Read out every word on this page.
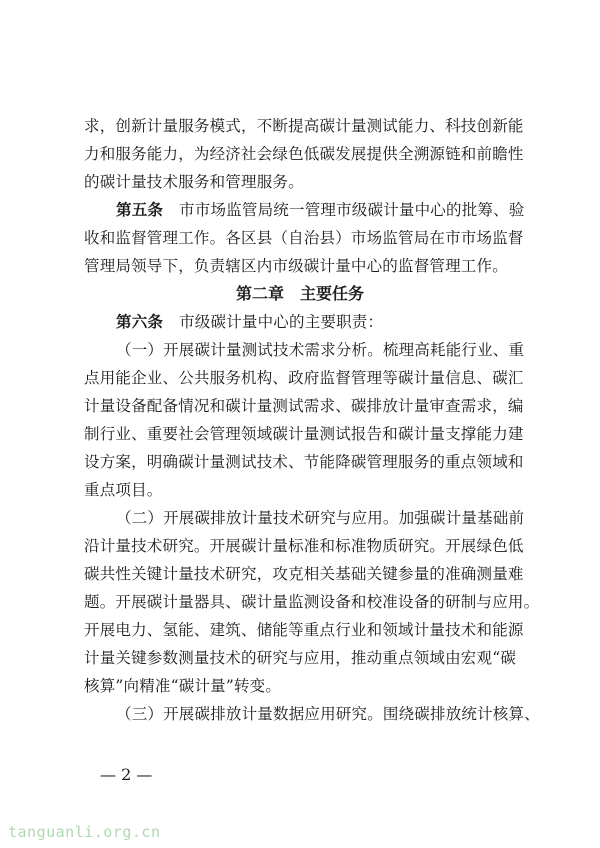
求，创新计量服务模式，不断提高碳计量测试能力、科技创新能
力和服务能力，为经济社会绿色低碳发展提供全溯源链和前瞻性
的碳计量技术服务和管理服务。
第五条 市市场监管局统一管理市级碳计量中心的批筹、验
收和监督管理工作。各区县（自治县）市场监管局在市市场监督
管理局领导下，负责辖区内市级碳计量中心的监督管理工作。
第二章 主要任务
第六条 市级碳计量中心的主要职责：
（一）开展碳计量测试技术需求分析。梳理高耗能行业、重
点用能企业、公共服务机构、政府监督管理等碳计量信息、碳汇
计量设备配备情况和碳计量测试需求、碳排放计量审查需求，编
制行业、重要社会管理领域碳计量测试报告和碳计量支撑能力建
设方案，明确碳计量测试技术、节能降碳管理服务的重点领域和
重点项目。
（二）开展碳排放计量技术研究与应用。加强碳计量基础前
沿计量技术研究。开展碳计量标准和标准物质研究。开展绿色低
碳共性关键计量技术研究，攻克相关基础关键参量的准确测量难
题。开展碳计量器具、碳计量监测设备和校准设备的研制与应用。
开展电力、氢能、建筑、储能等重点行业和领域计量技术和能源
计量关键参数测量技术的研究与应用，推动重点领域由宏观“碳
核算”向精准“碳计量”转变。
（三）开展碳排放计量数据应用研究。围绕碳排放统计核算、
— 2 —
tanguanli.org.cn
